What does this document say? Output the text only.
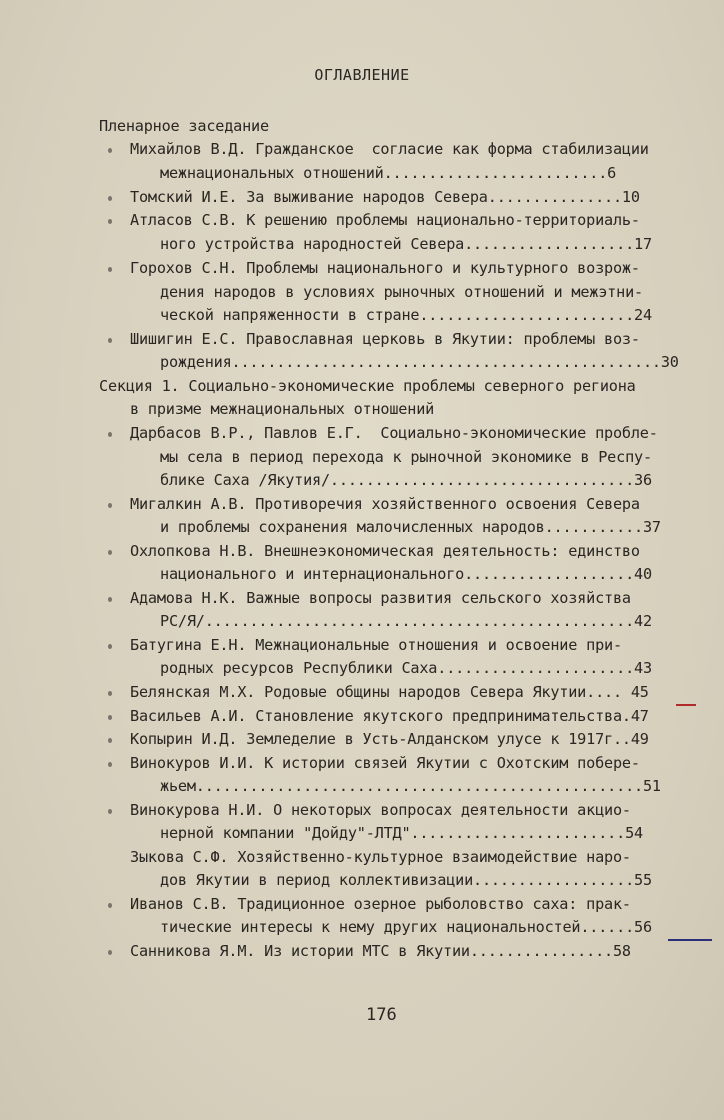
ОГЛАВЛЕНИЕ
Пленарное заседание
Михайлов В.Д. Гражданское  согласие как форма стабилизации
межнациональных отношений.........................6
Томский И.Е. За выживание народов Севера...............10
Атласов С.В. К решению проблемы национально-территориаль-
ного устройства народностей Севера...................17
Горохов С.Н. Проблемы национального и культурного возрож-
дения народов в условиях рыночных отношений и межэтни-
ческой напряженности в стране........................24
Шишигин Е.С. Православная церковь в Якутии: проблемы воз-
рождения................................................30
Секция 1. Социально-экономические проблемы северного региона
в призме межнациональных отношений
Дарбасов В.Р., Павлов Е.Г.  Социально-экономические пробле-
мы села в период перехода к рыночной экономике в Респу-
блике Саха /Якутия/..................................36
Мигалкин А.В. Противоречия хозяйственного освоения Севера
и проблемы сохранения малочисленных народов...........37
Охлопкова Н.В. Внешнеэкономическая деятельность: единство
национального и интернационального...................40
Адамова Н.К. Важные вопросы развития сельского хозяйства
РС/Я/................................................42
Батугина Е.Н. Межнациональные отношения и освоение при-
родных ресурсов Республики Саха......................43
Белянская М.Х. Родовые общины народов Севера Якутии.... 45
Васильев А.И. Становление якутского предпринимательства.47
Копырин И.Д. Земледелие в Усть-Алданском улусе к 1917г..49
Винокуров И.И. К истории связей Якутии с Охотским побере-
жьем..................................................51
Винокурова Н.И. О некоторых вопросах деятельности акцио-
нерной компании "Дойду"-ЛТД"........................54
Зыкова С.Ф. Хозяйственно-культурное взаимодействие наро-
дов Якутии в период коллективизации..................55
Иванов С.В. Традиционное озерное рыболовство саха: прак-
тические интересы к нему других национальностей......56
Санникова Я.М. Из истории МТС в Якутии................58
176
